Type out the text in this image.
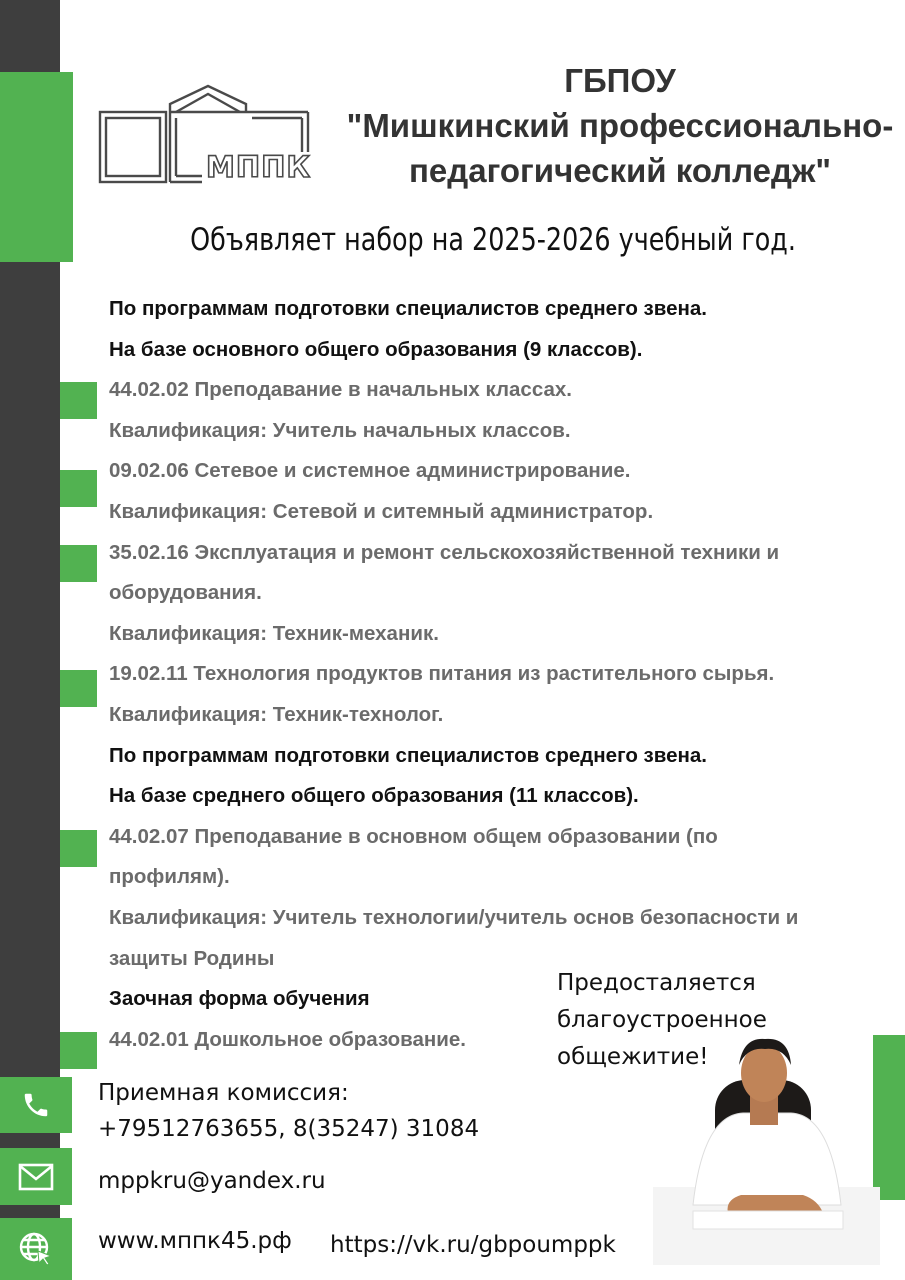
МППК
ГБПОУ
"Мишкинский профессионально-
педагогический колледж"
Объявляет набор на 2025-2026 учебный год.
По программам подготовки специалистов среднего звена.
На базе основного общего образования (9 классов).
44.02.02 Преподавание в начальных классах.
Квалификация: Учитель начальных классов.
09.02.06 Сетевое и системное администрирование.
Квалификация: Сетевой и ситемный администратор.
35.02.16 Эксплуатация и ремонт сельскохозяйственной техники и
оборудования.
Квалификация: Техник-механик.
19.02.11 Технология продуктов питания из растительного сырья.
Квалификация: Техник-технолог.
По программам подготовки специалистов среднего звена.
На базе среднего общего образования (11 классов).
44.02.07 Преподавание в основном общем образовании (по
профилям).
Квалификация: Учитель технологии/учитель основ безопасности и
защиты Родины
Заочная форма обучения
44.02.01 Дошкольное образование.
Предосталяется
благоустроенное
общежитие!
Приемная комиссия:
+79512763655, 8(35247) 31084
mppkru@yandex.ru
www.мппк45.рф https://vk.ru/gbpoumppk
